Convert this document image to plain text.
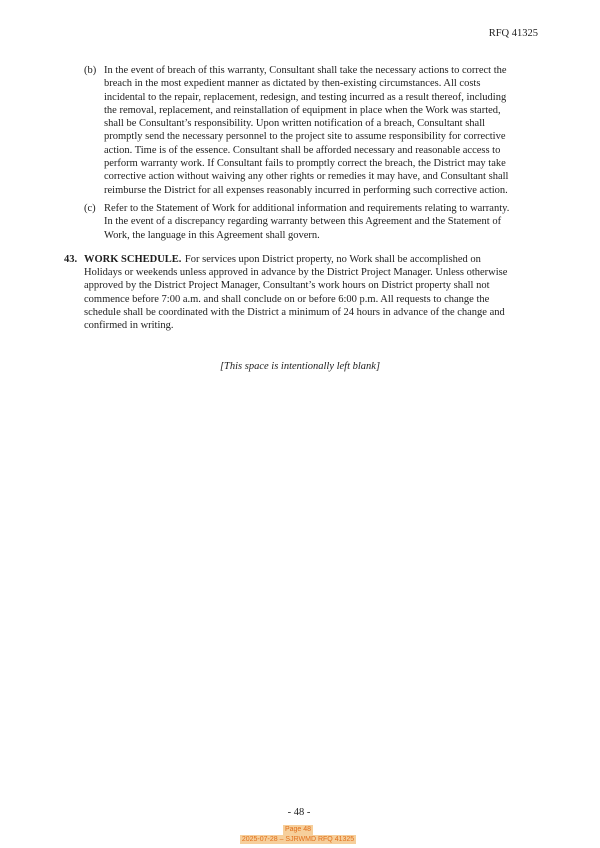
RFQ 41325
(b) In the event of breach of this warranty, Consultant shall take the necessary actions to correct the
breach in the most expedient manner as dictated by then-existing circumstances. All costs
incidental to the repair, replacement, redesign, and testing incurred as a result thereof, including
the removal, replacement, and reinstallation of equipment in place when the Work was started,
shall be Consultant’s responsibility. Upon written notification of a breach, Consultant shall
promptly send the necessary personnel to the project site to assume responsibility for corrective
action. Time is of the essence. Consultant shall be afforded necessary and reasonable access to
perform warranty work. If Consultant fails to promptly correct the breach, the District may take
corrective action without waiving any other rights or remedies it may have, and Consultant shall
reimburse the District for all expenses reasonably incurred in performing such corrective action.
(c) Refer to the Statement of Work for additional information and requirements relating to warranty.
In the event of a discrepancy regarding warranty between this Agreement and the Statement of
Work, the language in this Agreement shall govern.
43. WORK SCHEDULE. For services upon District property, no Work shall be accomplished on
Holidays or weekends unless approved in advance by the District Project Manager. Unless otherwise
approved by the District Project Manager, Consultant’s work hours on District property shall not
commence before 7:00 a.m. and shall conclude on or before 6:00 p.m. All requests to change the
schedule shall be coordinated with the District a minimum of 24 hours in advance of the change and
confirmed in writing.
[This space is intentionally left blank]
- 48 -
Page 48
2025-07-28 – SJRWMD RFQ 41325
